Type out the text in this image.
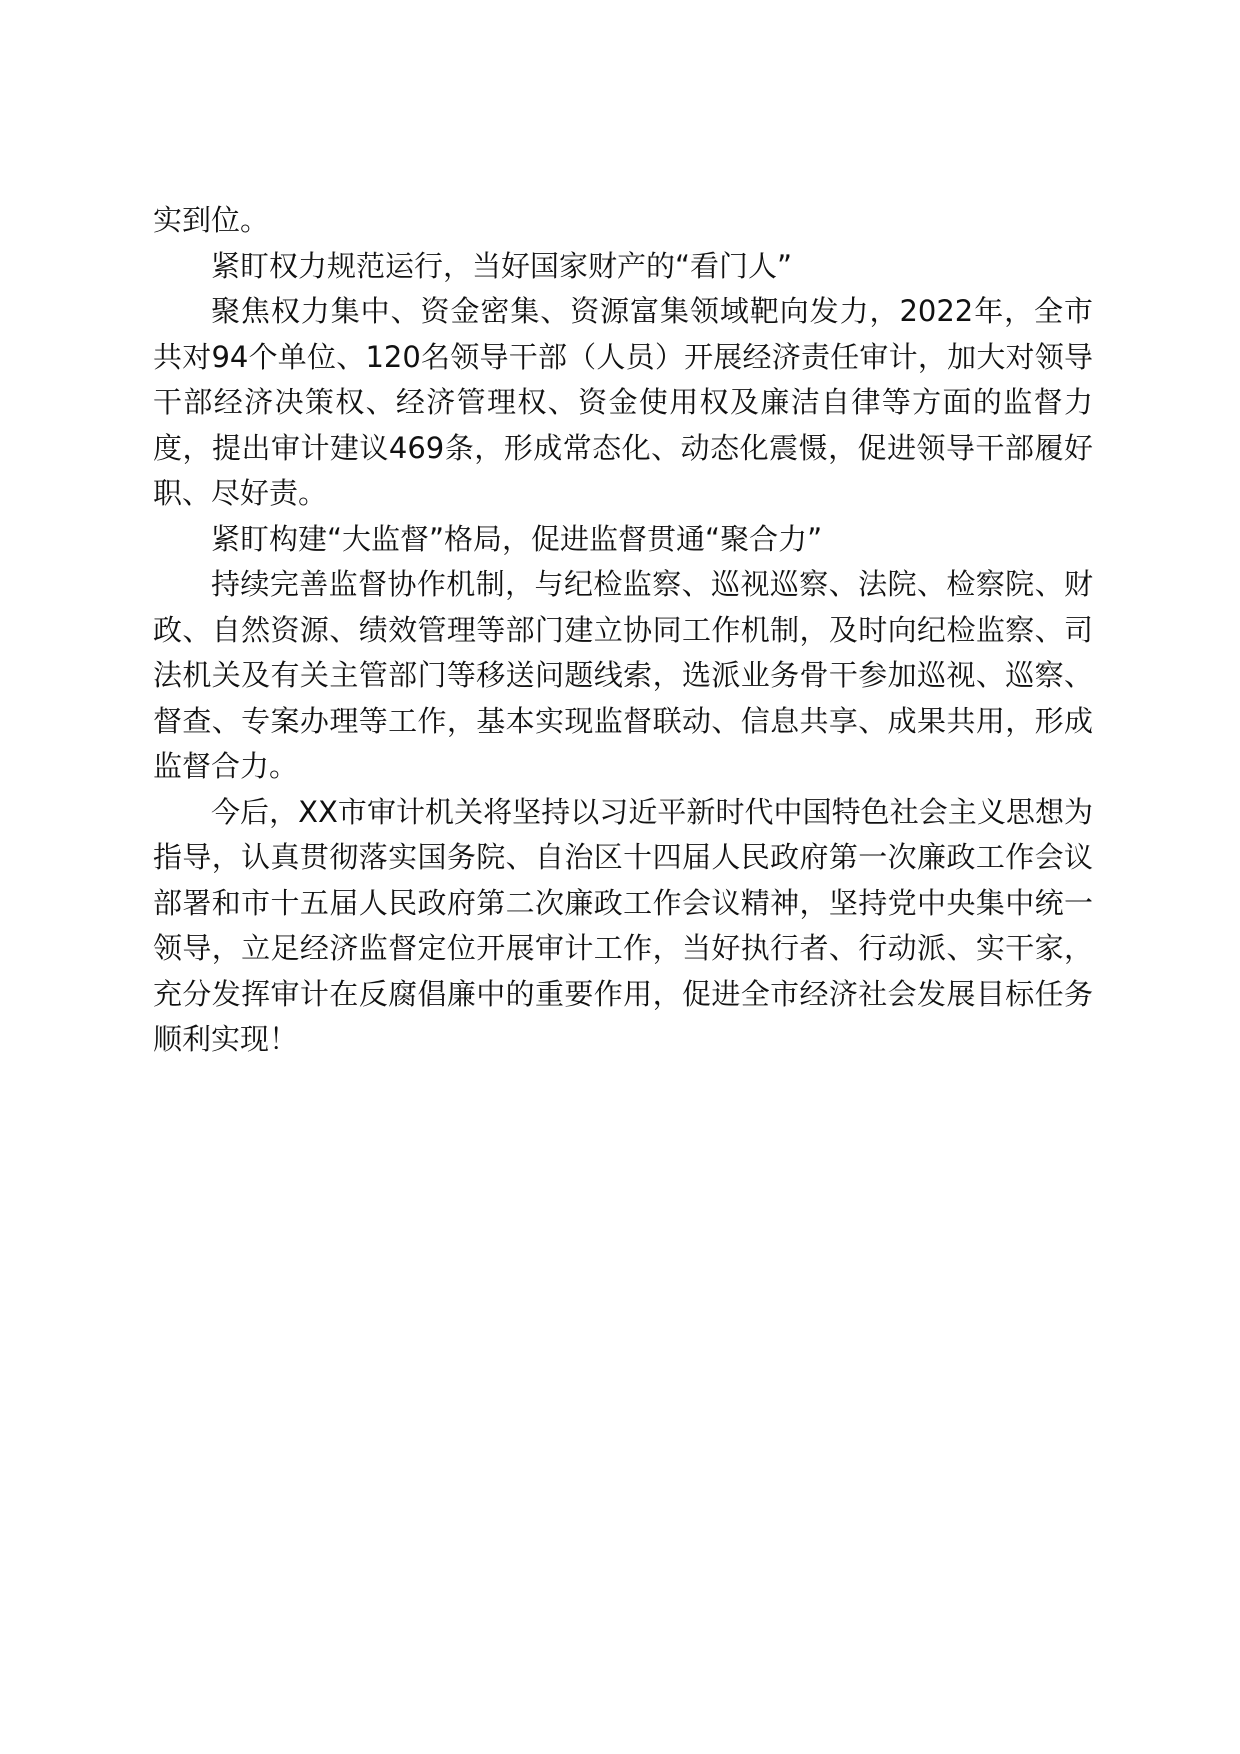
实到位。

紧盯权力规范运行，当好国家财产的“看门人”

聚焦权力集中、资金密集、资源富集领域靶向发力，2022年，全市共对94个单位、120名领导干部（人员）开展经济责任审计，加大对领导干部经济决策权、经济管理权、资金使用权及廉洁自律等方面的监督力度，提出审计建议469条，形成常态化、动态化震慑，促进领导干部履好职、尽好责。

紧盯构建“大监督”格局，促进监督贯通“聚合力”

持续完善监督协作机制，与纪检监察、巡视巡察、法院、检察院、财政、自然资源、绩效管理等部门建立协同工作机制，及时向纪检监察、司法机关及有关主管部门等移送问题线索，选派业务骨干参加巡视、巡察、督查、专案办理等工作，基本实现监督联动、信息共享、成果共用，形成监督合力。

今后，XX市审计机关将坚持以习近平新时代中国特色社会主义思想为指导，认真贯彻落实国务院、自治区十四届人民政府第一次廉政工作会议部署和市十五届人民政府第二次廉政工作会议精神，坚持党中央集中统一领导，立足经济监督定位开展审计工作，当好执行者、行动派、实干家，充分发挥审计在反腐倡廉中的重要作用，促进全市经济社会发展目标任务顺利实现！
